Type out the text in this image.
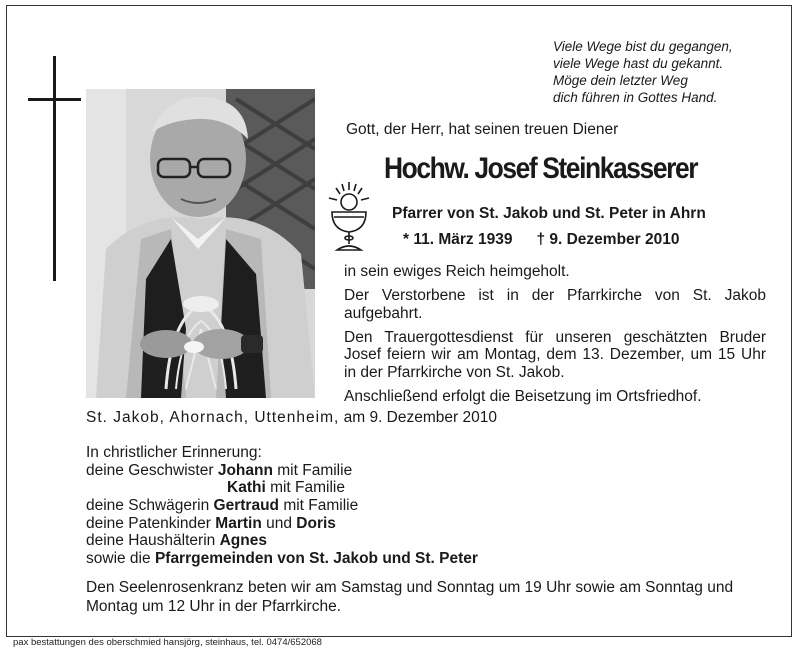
Viele Wege bist du gegangen,
viele Wege hast du gekannt.
Möge dein letzter Weg
dich führen in Gottes Hand.
Gott, der Herr, hat seinen treuen Diener
Hochw. Josef Steinkasserer
Pfarrer von St. Jakob und St. Peter in Ahrn
* 11. März 1939 † 9. Dezember 2010

in sein ewiges Reich heimgeholt.

Der Verstorbene ist in der Pfarrkirche von St. Jakob aufgebahrt.

Den Trauergottesdienst für unseren geschätzten Bruder Josef feiern wir am Montag, dem 13. Dezember, um 15 Uhr in der Pfarrkirche von St. Jakob.

Anschließend erfolgt die Beisetzung im Ortsfriedhof.

St. Jakob, Ahornach, Uttenheim, am 9. Dezember 2010
In christlicher Erinnerung:
deine Geschwister Johann mit Familie
Kathi mit Familie
deine Schwägerin Gertraud mit Familie
deine Patenkinder Martin und Doris
deine Haushälterin Agnes
sowie die Pfarrgemeinden von St. Jakob und St. Peter
Den Seelenrosenkranz beten wir am Samstag und Sonntag um 19 Uhr sowie am Sonntag und Montag um 12 Uhr in der Pfarrkirche.
pax bestattungen des oberschmied hansjörg, steinhaus, tel. 0474/652068
